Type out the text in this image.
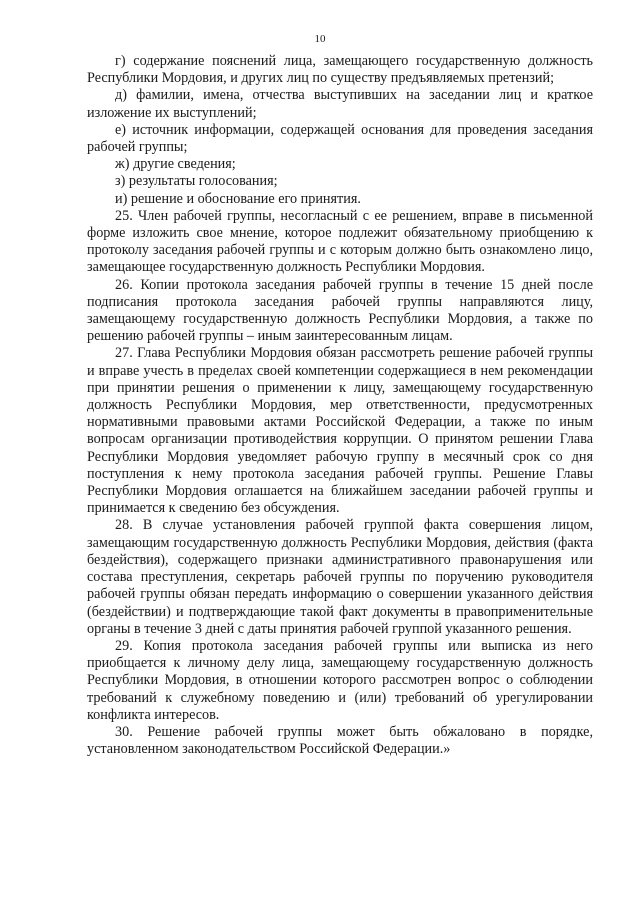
10

г) содержание пояснений лица, замещающего государственную должность Республики Мордовия, и других лиц по существу предъявляемых претензий;

д) фамилии, имена, отчества выступивших на заседании лиц и краткое изложение их выступлений;

е) источник информации, содержащей основания для проведения заседания рабочей группы;

ж) другие сведения;

з) результаты голосования;

и) решение и обоснование его принятия.

25. Член рабочей группы, несогласный с ее решением, вправе в письменной форме изложить свое мнение, которое подлежит обязательному приобщению к протоколу заседания рабочей группы и с которым должно быть ознакомлено лицо, замещающее государственную должность Республики Мордовия.

26. Копии протокола заседания рабочей группы в течение 15 дней после подписания протокола заседания рабочей группы направляются лицу, замещающему государственную должность Республики Мордовия, а также по решению рабочей группы – иным заинтересованным лицам.

27. Глава Республики Мордовия обязан рассмотреть решение рабочей группы и вправе учесть в пределах своей компетенции содержащиеся в нем рекомендации при принятии решения о применении к лицу, замещающему государственную должность Республики Мордовия, мер ответственности, предусмотренных нормативными правовыми актами Российской Федерации, а также по иным вопросам организации противодействия коррупции. О принятом решении Глава Республики Мордовия уведомляет рабочую группу в месячный срок со дня поступления к нему протокола заседания рабочей группы. Решение Главы Республики Мордовия оглашается на ближайшем заседании рабочей группы и принимается к сведению без обсуждения.

28. В случае установления рабочей группой факта совершения лицом, замещающим государственную должность Республики Мордовия, действия (факта бездействия), содержащего признаки административного правонарушения или состава преступления, секретарь рабочей группы по поручению руководителя рабочей группы обязан передать информацию о совершении указанного действия (бездействии) и подтверждающие такой факт документы в правоприменительные органы в течение 3 дней с даты принятия рабочей группой указанного решения.

29. Копия протокола заседания рабочей группы или выписка из него приобщается к личному делу лица, замещающему государственную должность Республики Мордовия, в отношении которого рассмотрен вопрос о соблюдении требований к служебному поведению и (или) требований об урегулировании конфликта интересов.

30. Решение рабочей группы может быть обжаловано в порядке, установленном законодательством Российской Федерации.»
